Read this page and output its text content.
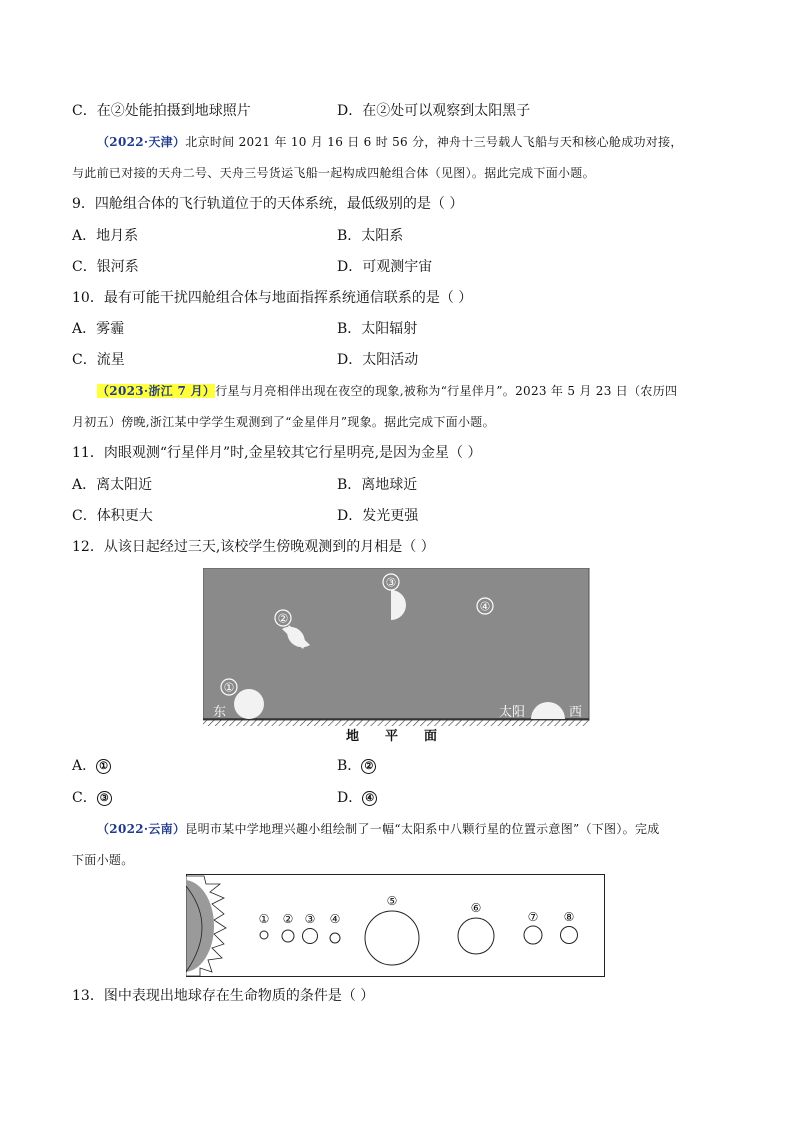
C．在②处能拍摄到地球照片	D．在②处可以观察到太阳黑子
（2022·天津）北京时间 2021 年 10 月 16 日 6 时 56 分，神舟十三号载人飞船与天和核心舱成功对接，
与此前已对接的天舟二号、天舟三号货运飞船一起构成四舱组合体（见图）。据此完成下面小题。
9．四舱组合体的飞行轨道位于的天体系统，最低级别的是（ ）
A．地月系	B．太阳系
C．银河系	D．可观测宇宙
10．最有可能干扰四舱组合体与地面指挥系统通信联系的是（ ）
A．雾霾	B．太阳辐射
C．流星	D．太阳活动
（2023·浙江 7 月）行星与月亮相伴出现在夜空的现象,被称为“行星伴月”。2023 年 5 月 23 日（农历四
月初五）傍晚,浙江某中学学生观测到了“金星伴月”现象。据此完成下面小题。
11．肉眼观测“行星伴月”时,金星较其它行星明亮,是因为金星（ ）
A．离太阳近	B．离地球近
C．体积更大	D．发光更强
12．从该日起经过三天,该校学生傍晚观测到的月相是（ ）
①
②
③
④
东	太阳	西
地　　平　　面
A． ①	B． ②
C． ③	D． ④
（2022·云南）昆明市某中学地理兴趣小组绘制了一幅“太阳系中八颗行星的位置示意图”（下图）。完成
下面小题。
① ② ③ ④
⑤	⑥
⑦ ⑧
13．图中表现出地球存在生命物质的条件是（ ）
